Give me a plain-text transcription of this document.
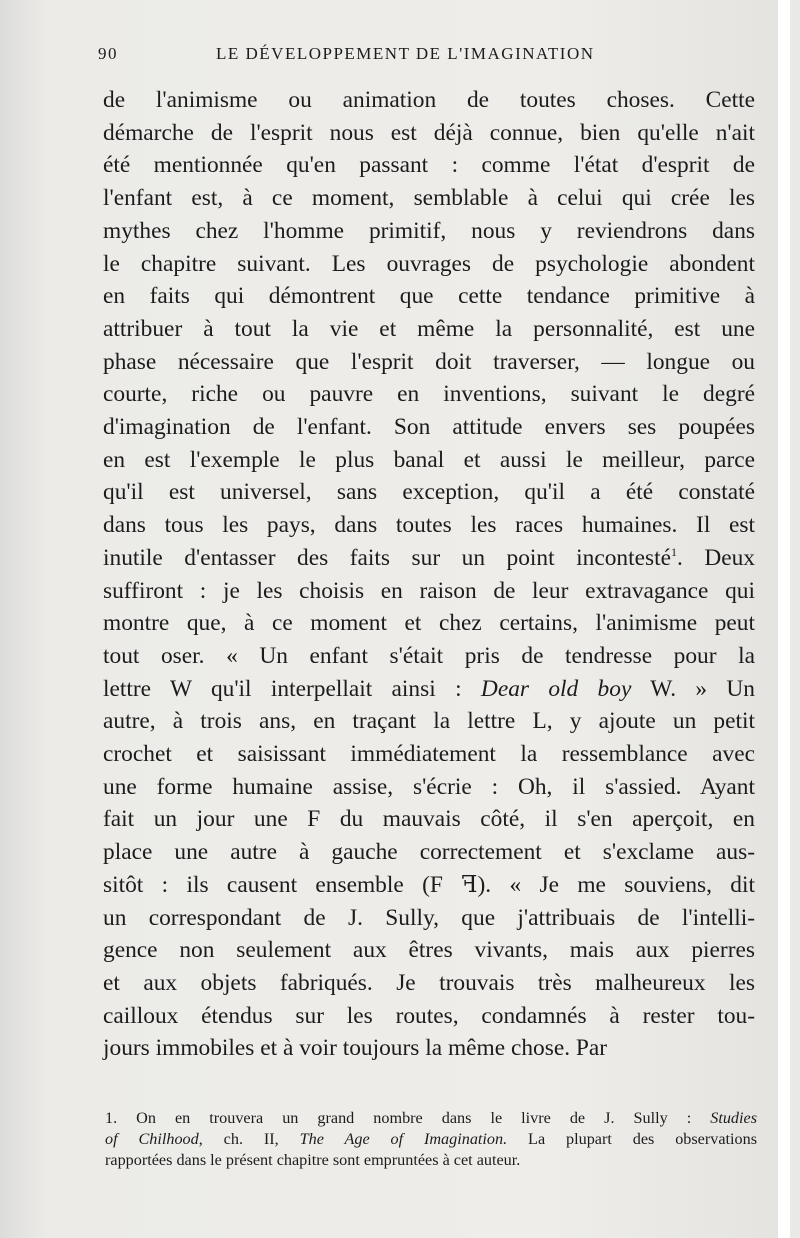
90	LE DÉVELOPPEMENT DE L'IMAGINATION
de l'animisme ou animation de toutes choses. Cette
démarche de l'esprit nous est déjà connue, bien qu'elle n'ait
été mentionnée qu'en passant : comme l'état d'esprit de
l'enfant est, à ce moment, semblable à celui qui crée les
mythes chez l'homme primitif, nous y reviendrons dans
le chapitre suivant. Les ouvrages de psychologie abondent
en faits qui démontrent que cette tendance primitive à
attribuer à tout la vie et même la personnalité, est une
phase nécessaire que l'esprit doit traverser, — longue ou
courte, riche ou pauvre en inventions, suivant le degré
d'imagination de l'enfant. Son attitude envers ses poupées
en est l'exemple le plus banal et aussi le meilleur, parce
qu'il est universel, sans exception, qu'il a été constaté
dans tous les pays, dans toutes les races humaines. Il est
inutile d'entasser des faits sur un point incontesté$^1$. Deux
suffiront : je les choisis en raison de leur extravagance qui
montre que, à ce moment et chez certains, l'animisme peut
tout oser. « Un enfant s'était pris de tendresse pour la
lettre W qu'il interpellait ainsi : Dear old boy W. » Un
autre, à trois ans, en traçant la lettre L, y ajoute un petit
crochet et saisissant immédiatement la ressemblance avec
une forme humaine assise, s'écrie : Oh, il s'assied. Ayant
fait un jour une F du mauvais côté, il s'en aperçoit, en
place une autre à gauche correctement et s'exclame aus-
sitôt : ils causent ensemble (F ꟻ). « Je me souviens, dit
un correspondant de J. Sully, que j'attribuais de l'intelli-
gence non seulement aux êtres vivants, mais aux pierres
et aux objets fabriqués. Je trouvais très malheureux les
cailloux étendus sur les routes, condamnés à rester tou-
jours immobiles et à voir toujours la même chose. Par
1. On en trouvera un grand nombre dans le livre de J. Sully : Studies
of Chilhood, ch. II, The Age of Imagination. La plupart des observations
rapportées dans le présent chapitre sont empruntées à cet auteur.
